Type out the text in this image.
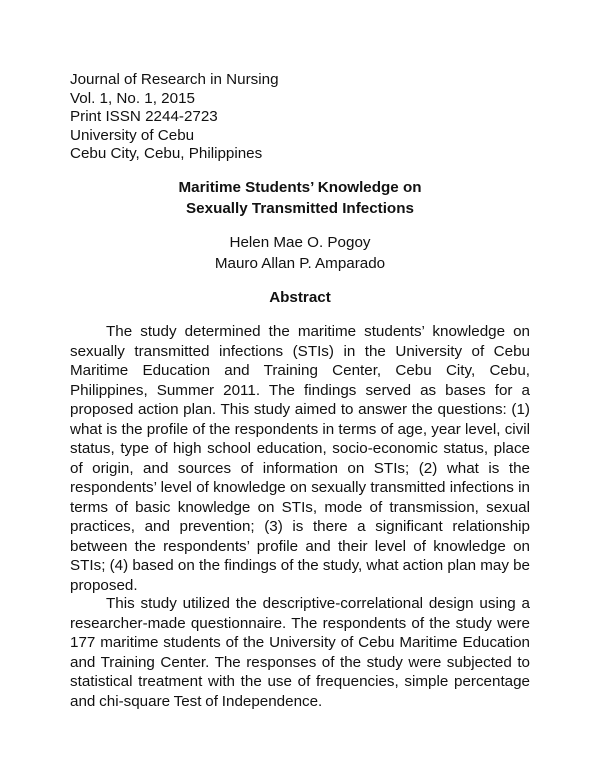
Journal of Research in Nursing
Vol. 1, No. 1, 2015
Print ISSN 2244-2723
University of Cebu
Cebu City, Cebu, Philippines
Maritime Students’ Knowledge on
Sexually Transmitted Infections
Helen Mae O. Pogoy
Mauro Allan P. Amparado
Abstract

The study determined the maritime students’ knowledge on sexually transmitted infections (STIs) in the University of Cebu Maritime Education and Training Center, Cebu City, Cebu, Philippines, Summer 2011. The findings served as bases for a proposed action plan. This study aimed to answer the questions: (1) what is the profile of the respondents in terms of age, year level, civil status, type of high school education, socio-economic status, place of origin, and sources of information on STIs; (2) what is the respondents’ level of knowledge on sexually transmitted infections in terms of basic knowledge on STIs, mode of transmission, sexual practices, and prevention; (3) is there a significant relationship between the respondents’ profile and their level of knowledge on STIs; (4) based on the findings of the study, what action plan may be proposed.

This study utilized the descriptive-correlational design using a researcher-made questionnaire. The respondents of the study were 177 maritime students of the University of Cebu Maritime Education and Training Center. The responses of the study were subjected to statistical treatment with the use of frequencies, simple percentage and chi-square Test of Independence.
